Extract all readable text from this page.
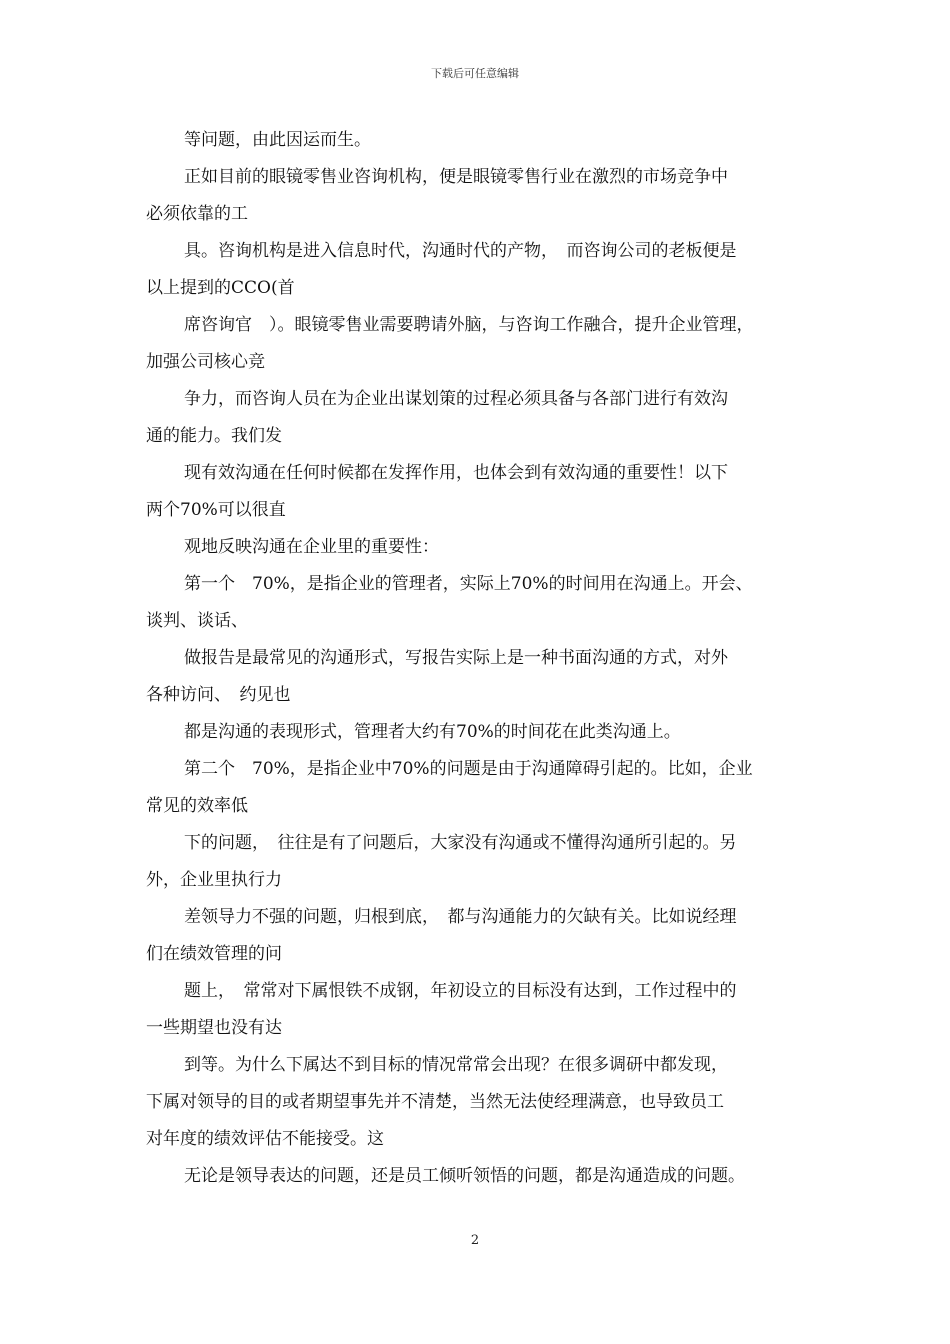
下载后可任意编辑

等问题，由此因运而生。

正如目前的眼镜零售业咨询机构，便是眼镜零售行业在激烈的市场竞争中

必须依靠的工

具。咨询机构是进入信息时代，沟通时代的产物，　而咨询公司的老板便是

以上提到的CCO(首

席咨询官　）。眼镜零售业需要聘请外脑，与咨询工作融合，提升企业管理，

加强公司核心竞

争力，而咨询人员在为企业出谋划策的过程必须具备与各部门进行有效沟

通的能力。我们发

现有效沟通在任何时候都在发挥作用，也体会到有效沟通的重要性！以下

两个70%可以很直

观地反映沟通在企业里的重要性：

第一个　70%，是指企业的管理者，实际上70%的时间用在沟通上。开会、

谈判、谈话、

做报告是最常见的沟通形式，写报告实际上是一种书面沟通的方式，对外

各种访问、　约见也

都是沟通的表现形式，管理者大约有70%的时间花在此类沟通上。

第二个　70%，是指企业中70%的问题是由于沟通障碍引起的。比如，企业

常见的效率低

下的问题，　往往是有了问题后，大家没有沟通或不懂得沟通所引起的。另

外，企业里执行力

差领导力不强的问题，归根到底，　都与沟通能力的欠缺有关。比如说经理

们在绩效管理的问

题上，　常常对下属恨铁不成钢，年初设立的目标没有达到，工作过程中的

一些期望也没有达

到等。为什么下属达不到目标的情况常常会出现？在很多调研中都发现，

下属对领导的目的或者期望事先并不清楚，当然无法使经理满意，也导致员工

对年度的绩效评估不能接受。这

无论是领导表达的问题，还是员工倾听领悟的问题，都是沟通造成的问题。

2
